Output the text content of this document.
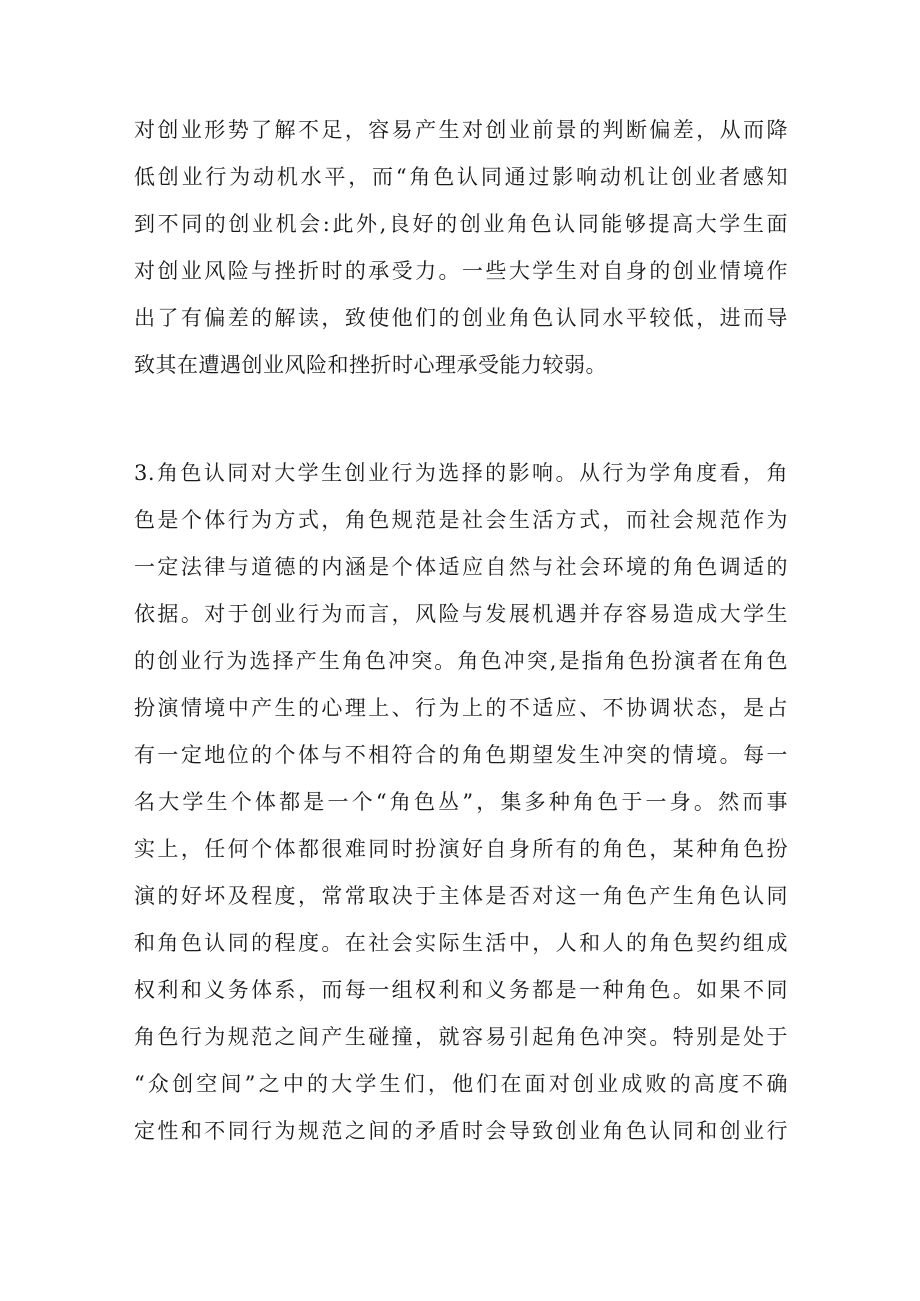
对创业形势了解不足，容易产生对创业前景的判断偏差，从而降
低创业行为动机水平，而“角色认同通过影响动机让创业者感知
到不同的创业机会:此外,良好的创业角色认同能够提高大学生面
对创业风险与挫折时的承受力。一些大学生对自身的创业情境作
出了有偏差的解读，致使他们的创业角色认同水平较低，进而导
致其在遭遇创业风险和挫折时心理承受能力较弱。
3.角色认同对大学生创业行为选择的影响。从行为学角度看，角
色是个体行为方式，角色规范是社会生活方式，而社会规范作为
一定法律与道德的内涵是个体适应自然与社会环境的角色调适的
依据。对于创业行为而言，风险与发展机遇并存容易造成大学生
的创业行为选择产生角色冲突。角色冲突,是指角色扮演者在角色
扮演情境中产生的心理上、行为上的不适应、不协调状态，是占
有一定地位的个体与不相符合的角色期望发生冲突的情境。每一
名大学生个体都是一个“角色丛”，集多种角色于一身。然而事
实上，任何个体都很难同时扮演好自身所有的角色，某种角色扮
演的好坏及程度，常常取决于主体是否对这一角色产生角色认同
和角色认同的程度。在社会实际生活中，人和人的角色契约组成
权利和义务体系，而每一组权利和义务都是一种角色。如果不同
角色行为规范之间产生碰撞，就容易引起角色冲突。特别是处于
“众创空间”之中的大学生们，他们在面对创业成败的高度不确
定性和不同行为规范之间的矛盾时会导致创业角色认同和创业行
